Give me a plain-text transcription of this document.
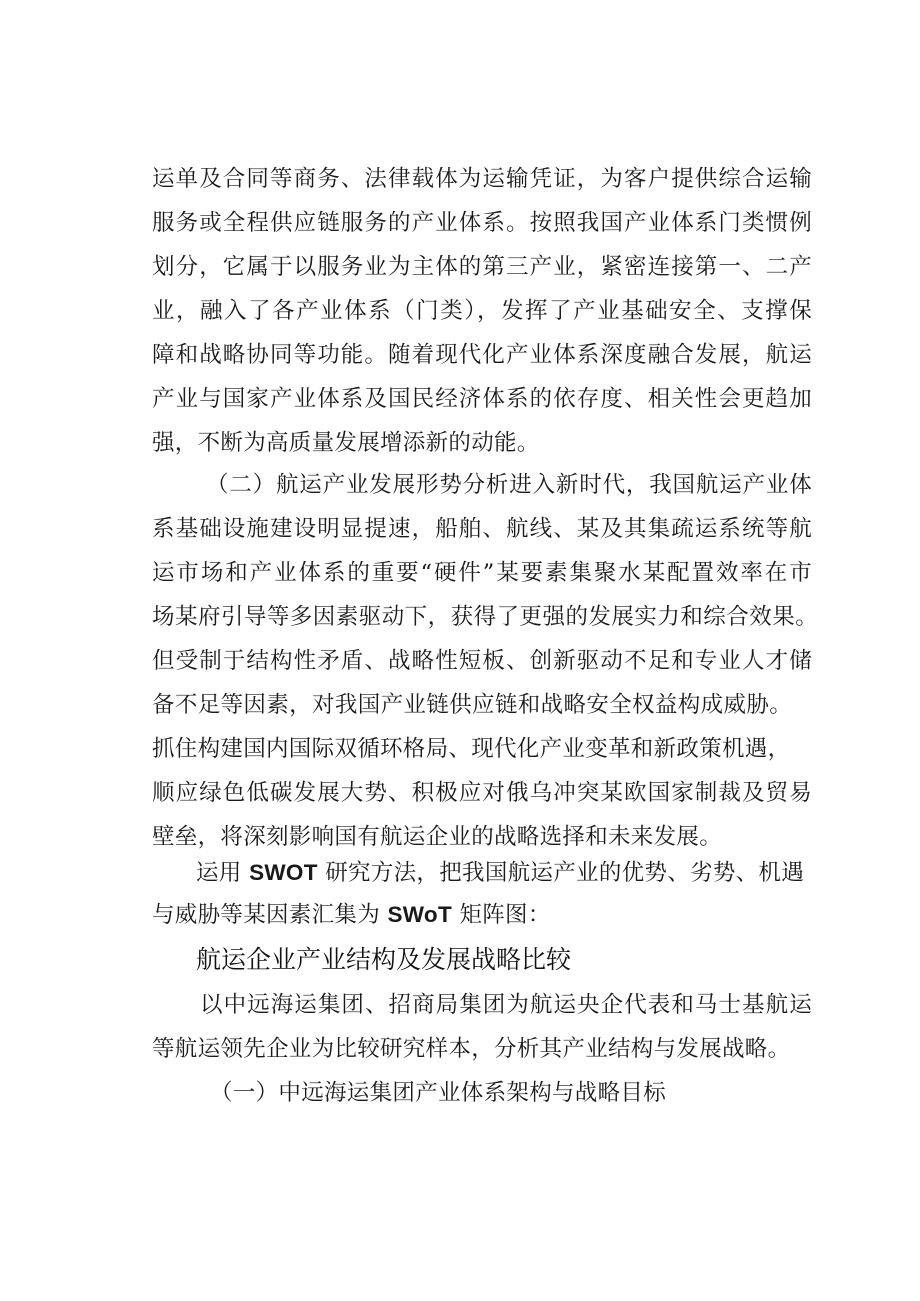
运单及合同等商务、法律载体为运输凭证，为客户提供综合运输
服务或全程供应链服务的产业体系。按照我国产业体系门类惯例
划分，它属于以服务业为主体的第三产业，紧密连接第一、二产
业，融入了各产业体系（门类），发挥了产业基础安全、支撑保
障和战略协同等功能。随着现代化产业体系深度融合发展，航运
产业与国家产业体系及国民经济体系的依存度、相关性会更趋加
强，不断为高质量发展增添新的动能。
（二）航运产业发展形势分析进入新时代，我国航运产业体
系基础设施建设明显提速，船舶、航线、某及其集疏运系统等航
运市场和产业体系的重要“硬件”某要素集聚水某配置效率在市
场某府引导等多因素驱动下，获得了更强的发展实力和综合效果。
但受制于结构性矛盾、战略性短板、创新驱动不足和专业人才储
备不足等因素，对我国产业链供应链和战略安全权益构成威胁。
抓住构建国内国际双循环格局、现代化产业变革和新政策机遇，
顺应绿色低碳发展大势、积极应对俄乌冲突某欧国家制裁及贸易
壁垒，将深刻影响国有航运企业的战略选择和未来发展。
运用 SWOT 研究方法，把我国航运产业的优势、劣势、机遇
与威胁等某因素汇集为 SWoT 矩阵图：
航运企业产业结构及发展战略比较
以中远海运集团、招商局集团为航运央企代表和马士基航运
等航运领先企业为比较研究样本，分析其产业结构与发展战略。
（一）中远海运集团产业体系架构与战略目标
